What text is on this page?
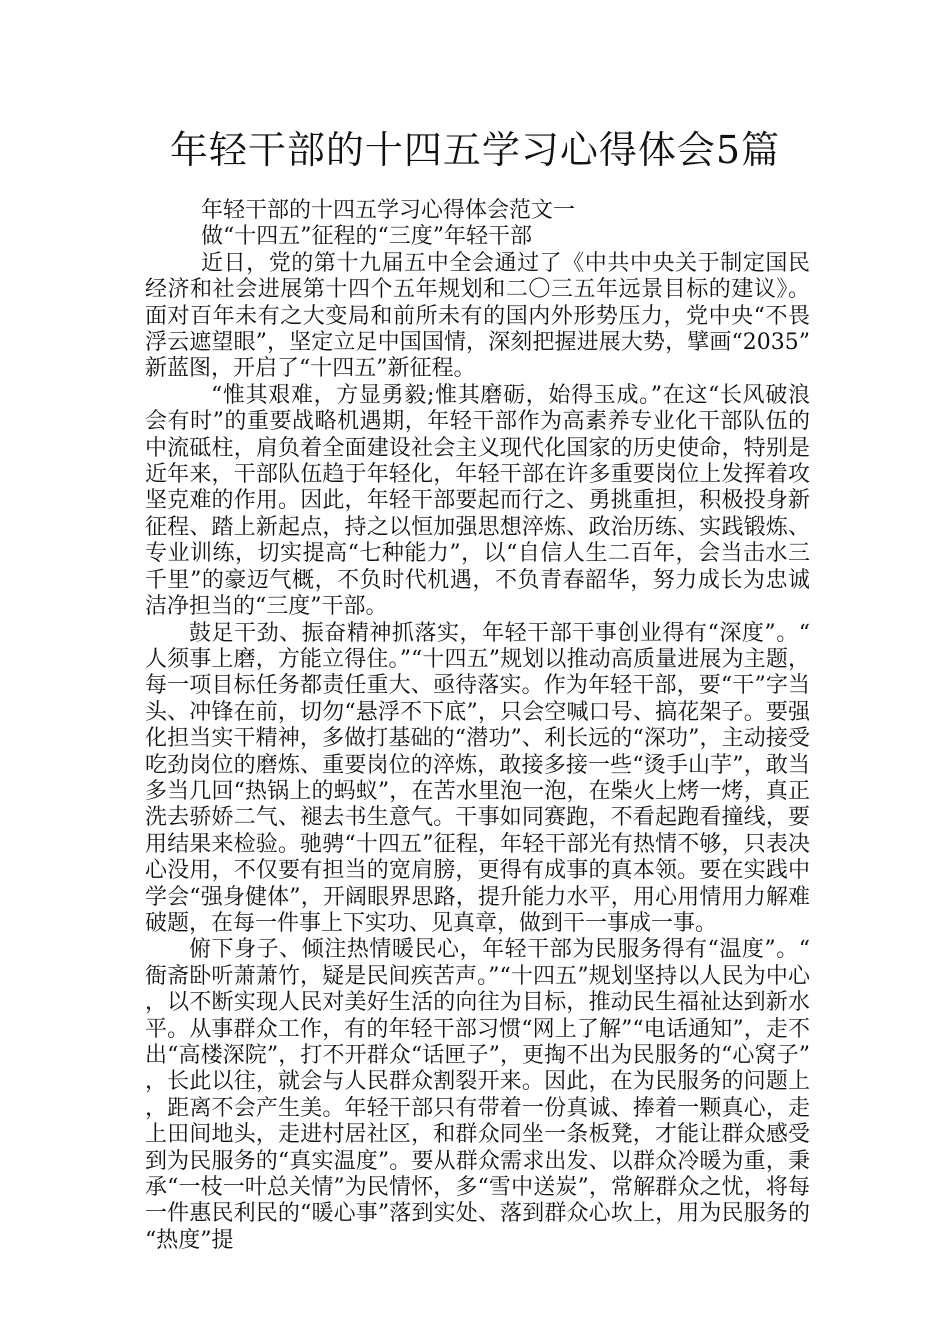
年轻干部的十四五学习心得体会5篇

年轻干部的十四五学习心得体会范文一

做“十四五”征程的“三度”年轻干部

近日，党的第十九届五中全会通过了《中共中央关于制定国民经济和社会进展第十四个五年规划和二〇三五年远景目标的建议》。面对百年未有之大变局和前所未有的国内外形势压力，党中央“不畏浮云遮望眼”，坚定立足中国国情，深刻把握进展大势，擘画“2035”新蓝图，开启了“十四五”新征程。

“惟其艰难，方显勇毅;惟其磨砺，始得玉成。”在这“长风破浪会有时”的重要战略机遇期，年轻干部作为高素养专业化干部队伍的中流砥柱，肩负着全面建设社会主义现代化国家的历史使命，特别是近年来，干部队伍趋于年轻化，年轻干部在许多重要岗位上发挥着攻坚克难的作用。因此，年轻干部要起而行之、勇挑重担，积极投身新征程、踏上新起点，持之以恒加强思想淬炼、政治历练、实践锻炼、专业训练，切实提高“七种能力”，以“自信人生二百年，会当击水三千里”的豪迈气概，不负时代机遇，不负青春韶华，努力成长为忠诚洁净担当的“三度”干部。

鼓足干劲、振奋精神抓落实，年轻干部干事创业得有“深度”。“人须事上磨，方能立得住。”“十四五”规划以推动高质量进展为主题，每一项目标任务都责任重大、亟待落实。作为年轻干部，要“干”字当头、冲锋在前，切勿“悬浮不下底”，只会空喊口号、搞花架子。要强化担当实干精神，多做打基础的“潜功”、利长远的“深功”，主动接受吃劲岗位的磨炼、重要岗位的淬炼，敢接多接一些“烫手山芋”，敢当多当几回“热锅上的蚂蚁”，在苦水里泡一泡，在柴火上烤一烤，真正洗去骄娇二气、褪去书生意气。干事如同赛跑，不看起跑看撞线，要用结果来检验。驰骋“十四五”征程，年轻干部光有热情不够，只表决心没用，不仅要有担当的宽肩膀，更得有成事的真本领。要在实践中学会“强身健体”，开阔眼界思路，提升能力水平，用心用情用力解难破题，在每一件事上下实功、见真章，做到干一事成一事。

俯下身子、倾注热情暖民心，年轻干部为民服务得有“温度”。“衙斋卧听萧萧竹，疑是民间疾苦声。”“十四五”规划坚持以人民为中心，以不断实现人民对美好生活的向往为目标，推动民生福祉达到新水平。从事群众工作，有的年轻干部习惯“网上了解”“电话通知”，走不出“高楼深院”，打不开群众“话匣子”，更掏不出为民服务的“心窝子”，长此以往，就会与人民群众割裂开来。因此，在为民服务的问题上，距离不会产生美。年轻干部只有带着一份真诚、捧着一颗真心，走上田间地头，走进村居社区，和群众同坐一条板凳，才能让群众感受到为民服务的“真实温度”。要从群众需求出发、以群众冷暖为重，秉承“一枝一叶总关情”为民情怀，多“雪中送炭”，常解群众之忧，将每一件惠民利民的“暖心事”落到实处、落到群众心坎上，用为民服务的“热度”提
